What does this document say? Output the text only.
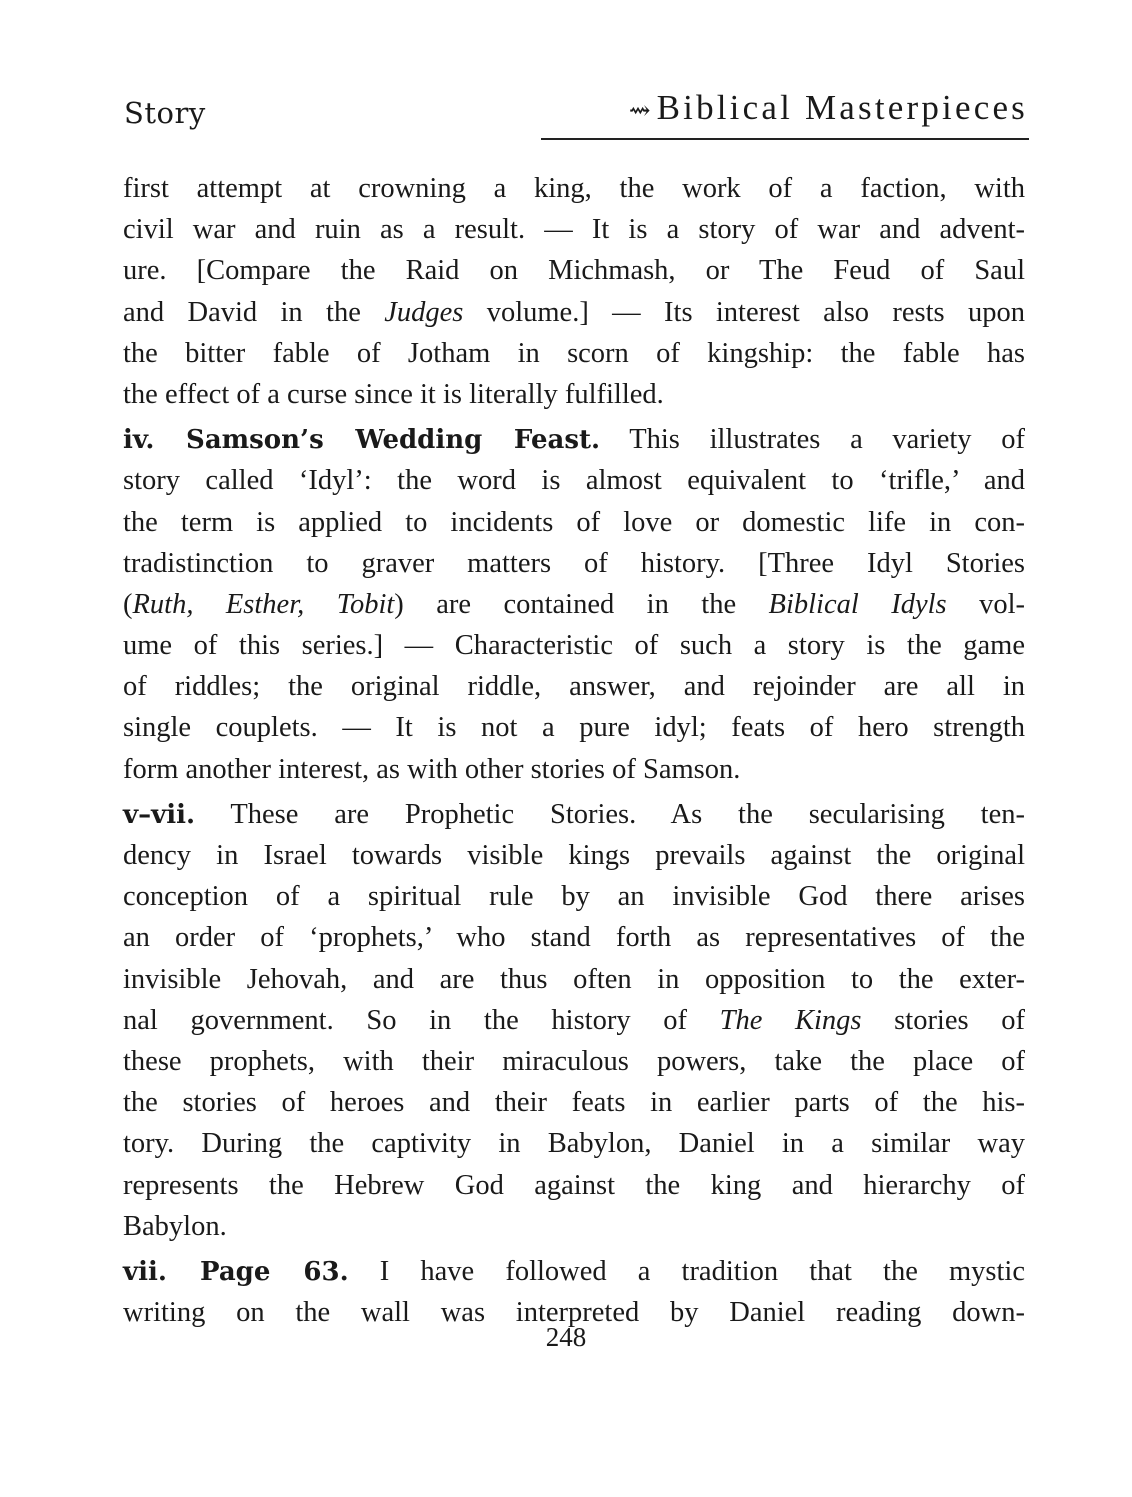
Story	⇝ Biblical Masterpieces
first attempt at crowning a king, the work of a faction, with
civil war and ruin as a result. — It is a story of war and advent-
ure. [Compare the Raid on Michmash, or The Feud of Saul
and David in the Judges volume.] — Its interest also rests upon
the bitter fable of Jotham in scorn of kingship: the fable has
the effect of a curse since it is literally fulfilled.
iv. Samson’s Wedding Feast. This illustrates a variety of
story called ‘Idyl’: the word is almost equivalent to ‘trifle,’ and
the term is applied to incidents of love or domestic life in con-
tradistinction to graver matters of history. [Three Idyl Stories
(Ruth, Esther, Tobit) are contained in the Biblical Idyls vol-
ume of this series.] — Characteristic of such a story is the game
of riddles; the original riddle, answer, and rejoinder are all in
single couplets. — It is not a pure idyl; feats of hero strength
form another interest, as with other stories of Samson.
v–vii. These are Prophetic Stories. As the secularising ten-
dency in Israel towards visible kings prevails against the original
conception of a spiritual rule by an invisible God there arises
an order of ‘prophets,’ who stand forth as representatives of the
invisible Jehovah, and are thus often in opposition to the exter-
nal government. So in the history of The Kings stories of
these prophets, with their miraculous powers, take the place of
the stories of heroes and their feats in earlier parts of the his-
tory. During the captivity in Babylon, Daniel in a similar way
represents the Hebrew God against the king and hierarchy of
Babylon.
vii. Page 63. I have followed a tradition that the mystic
writing on the wall was interpreted by Daniel reading down-
248
